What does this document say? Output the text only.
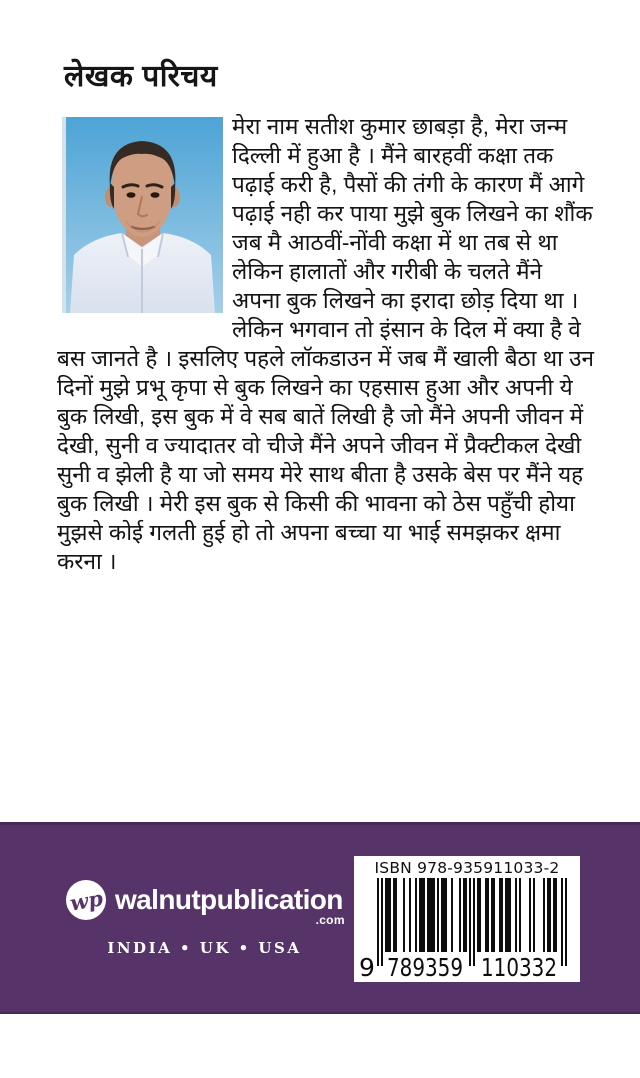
लेखक परिचय

मेरा नाम सतीश कुमार छाबड़ा है, मेरा जन्म दिल्ली में हुआ है । मैंने बारहवीं कक्षा तक पढ़ाई करी है, पैसों की तंगी के कारण मैं आगे पढ़ाई नही कर पाया मुझे बुक लिखने का शौंक जब मै आठवीं-नोंवी कक्षा में था तब से था लेकिन हालातों और गरीबी के चलते मैंने अपना बुक लिखने का इरादा छोड़ दिया था । लेकिन भगवान तो इंसान के दिल में क्या है वे बस जानते है । इसलिए पहले लॉकडाउन में जब मैं खाली बैठा था उन दिनों मुझे प्रभू कृपा से बुक लिखने का एहसास हुआ और अपनी ये बुक लिखी, इस बुक में वे सब बातें लिखी है जो मैंने अपनी जीवन में देखी, सुनी व ज्यादातर वो चीजे मैंने अपने जीवन में प्रैक्टीकल देखी सुनी व झेली है या जो समय मेरे साथ बीता है उसके बेस पर मैंने यह बुक लिखी । मेरी इस बुक से किसी की भावना को ठेस पहुँची होया मुझसे कोई गलती हुई हो तो अपना बच्चा या भाई समझकर क्षमा करना ।

wp walnutpublication
.com
INDIA • UK • USA
ISBN 978-935911033-2
9 789359 110332
